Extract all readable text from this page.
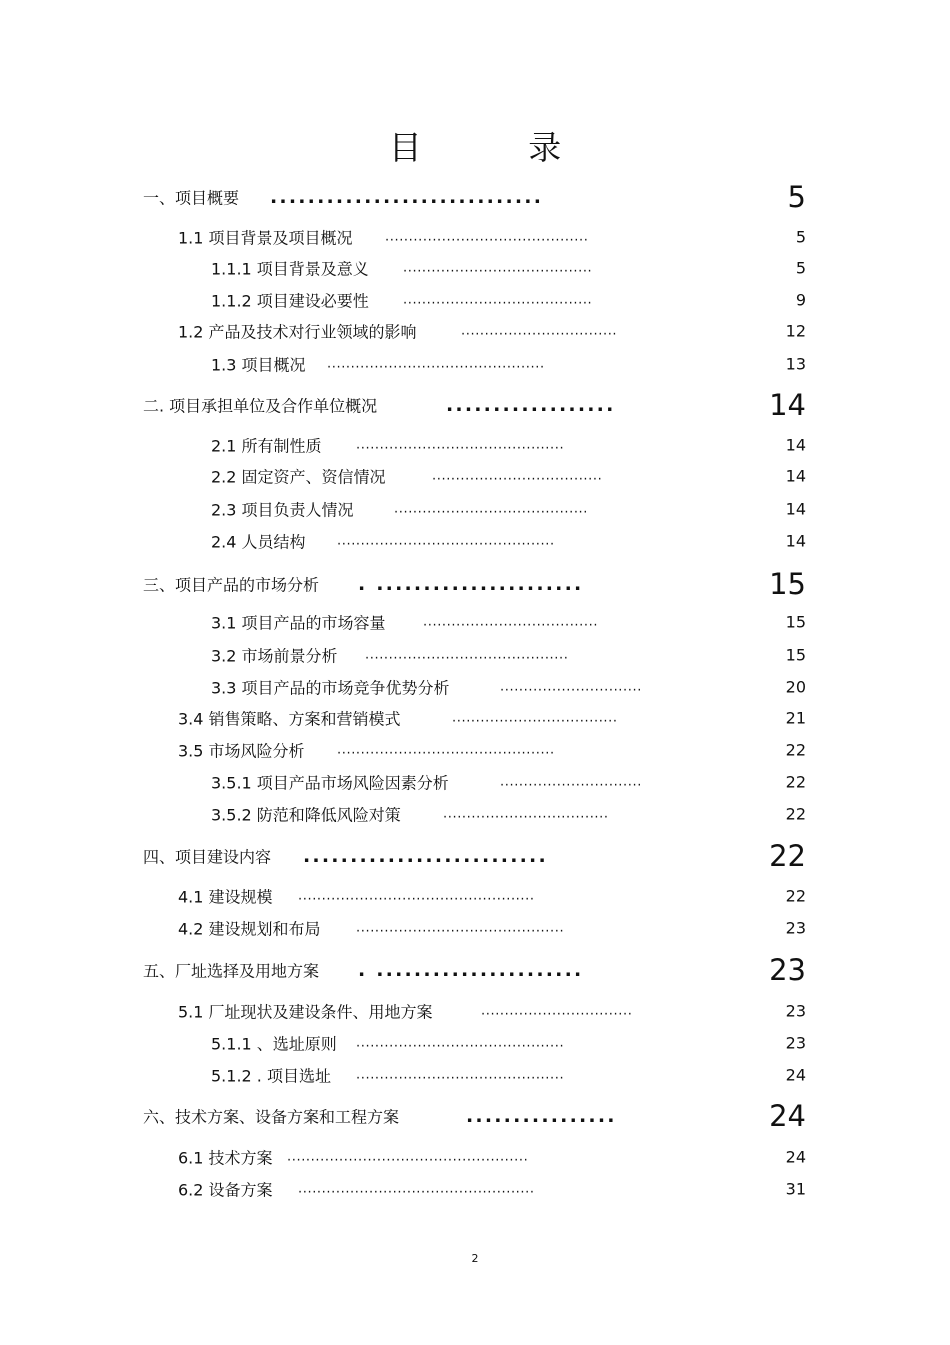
目 录
一、项目概要 .............................	5
1.1 项目背景及项目概况 ...........................................	5
1.1.1 项目背景及意义	........................................	5
1.1.2 项目建设必要性	........................................	9
1.2 产品及技术对行业领域的影响	.................................	12
1.3 项目概况 ..............................................	13
二. 项目承担单位及合作单位概况	..................	14
2.1 所有制性质	............................................	14
2.2 固定资产、资信情况	....................................	14
2.3 项目负责人情况	.........................................	14
2.4 人员结构 ..............................................	14
三、项目产品的市场分析 . ......................	15
3.1 项目产品的市场容量	.....................................	15
3.2 市场前景分析 ...........................................	15
3.3 项目产品的市场竞争优势分析	..............................	20
3.4 销售策略、方案和营销模式	...................................	21
3.5 市场风险分析 ..............................................	22
3.5.1 项目产品市场风险因素分析	..............................	22
3.5.2 防范和降低风险对策	...................................	22
四、项目建设内容 ..........................	22
4.1 建设规模 ..................................................	22
4.2 建设规划和布局	............................................	23
五、厂址选择及用地方案 . ......................	23
5.1 厂址现状及建设条件、用地方案	................................	23
5.1.1 、选址原则 ............................................	23
5.1.2 . 项目选址 ............................................	24
六、技术方案、设备方案和工程方案	................	24
6.1 技术方案 ...................................................	24
6.2 设备方案 ..................................................	31
2
